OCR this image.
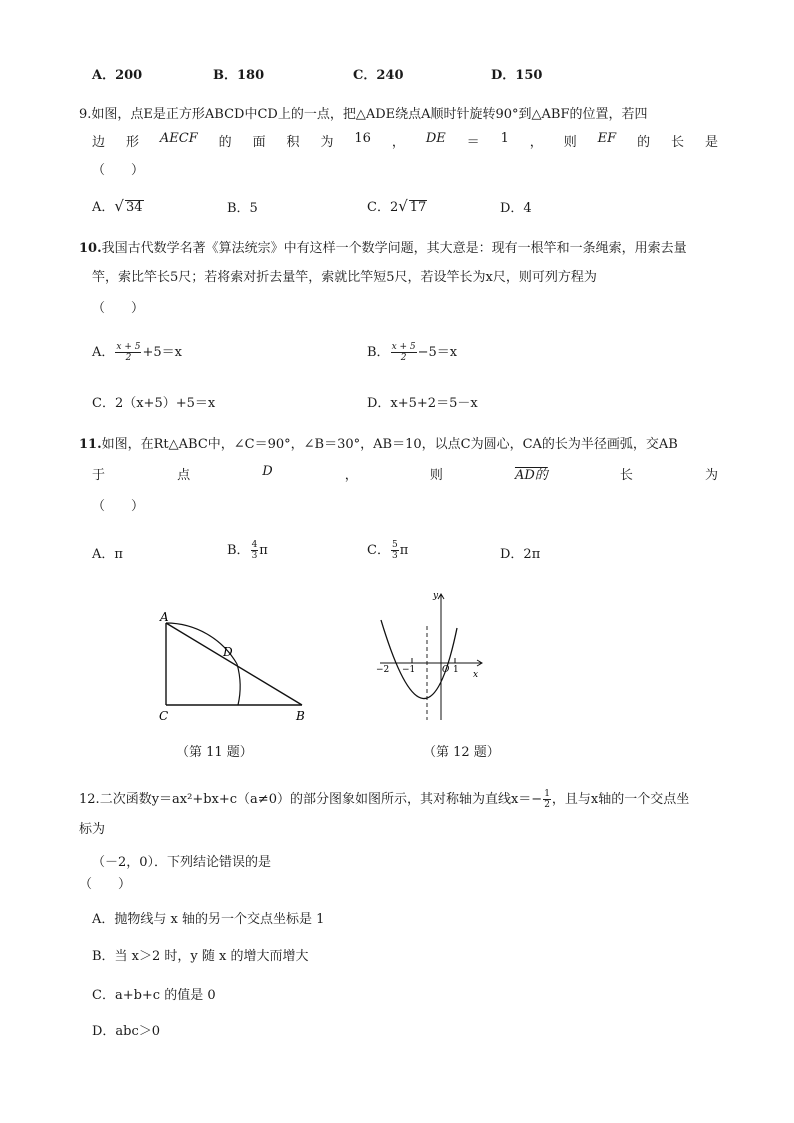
A．200	B．180	C．240	D．150
9.如图，点E是正方形ABCD中CD上的一点，把△ADE绕点A顺时针旋转90°到△ABF的位置，若四
边 形 AECF 的 面 积 为 16 ， DE ＝ 1 ， 则 EF 的 长 是
（　　）
A．√ 34	B．5	C．2√ 17	D．4
10.我国古代数学名著《算法统宗》中有这样一个数学问题，其大意是：现有一根竿和一条绳索，用索去量
竿，索比竿长5尺；若将索对折去量竿，索就比竿短5尺，若设竿长为x尺，则可列方程为
（　　）
A． $\frac{x + 5}{2} +5=x$	B． $\frac{x + 5}{2} -5=x$
C．2（x+5）+5＝x	D．x+5+2＝5－x
11.如图，在Rt△ABC中，∠C＝90°，∠B＝30°，AB＝10，以点C为圆心，CA的长为半径画弧，交AB
于	点	D	，	则	AD的	长	为
（　　）
A．π	B． $\frac{4}{3}$ π	C． $\frac{5}{3}$ π	D．2π
A
D
C	B
（第 11 题）
y
x
−2 −1	O 1
（第 12 题）
12.二次函数y＝ax²+bx+c（a≠0）的部分图象如图所示，其对称轴为直线$x=- \frac{1}{2}$ ，且与x轴的一个交点坐
标为
（－2，0）．下列结论错误的是
（　　）
A．抛物线与 x 轴的另一个交点坐标是 1
B．当 x＞2 时，y 随 x 的增大而增大
C．a+b+c 的值是 0
D．abc＞0
